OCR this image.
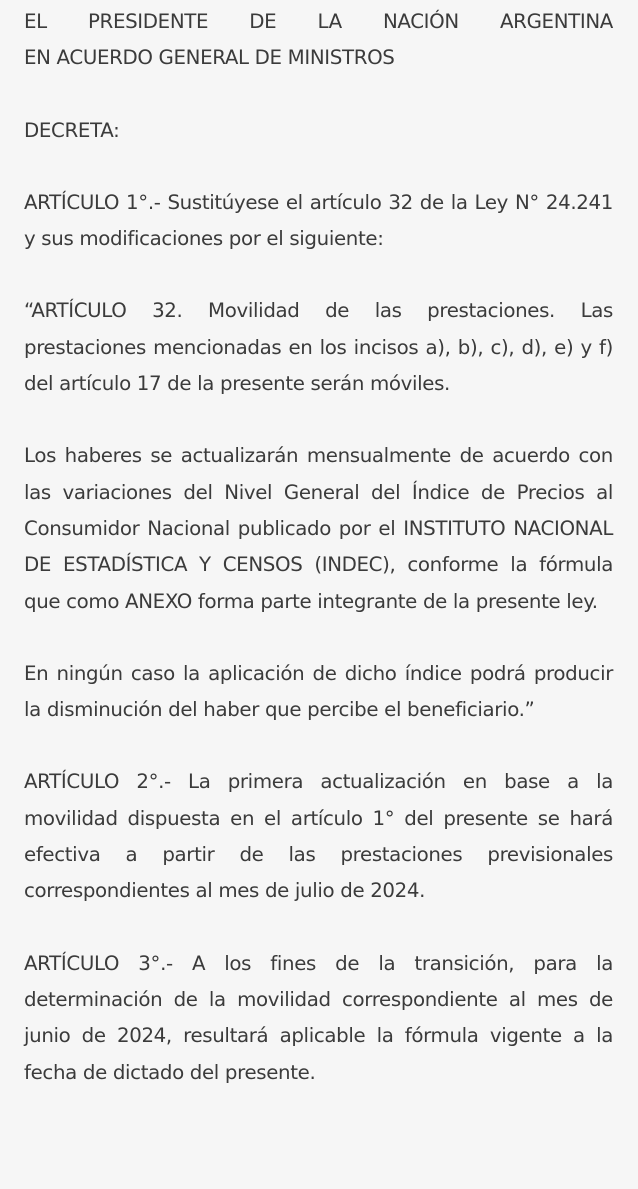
EL PRESIDENTE DE LA NACIÓN ARGENTINA

EN ACUERDO GENERAL DE MINISTROS

DECRETA:

ARTÍCULO 1°.- Sustitúyese el artículo 32 de la Ley N° 24.241 y sus modificaciones por el siguiente:

“ARTÍCULO 32. Movilidad de las prestaciones. Las prestaciones mencionadas en los incisos a), b), c), d), e) y f) del artículo 17 de la presente serán móviles.

Los haberes se actualizarán mensualmente de acuerdo con las variaciones del Nivel General del Índice de Precios al Consumidor Nacional publicado por el INSTITUTO NACIONAL DE ESTADÍSTICA Y CENSOS (INDEC), conforme la fórmula que como ANEXO forma parte integrante de la presente ley.

En ningún caso la aplicación de dicho índice podrá producir la disminución del haber que percibe el beneficiario.”

ARTÍCULO 2°.- La primera actualización en base a la movilidad dispuesta en el artículo 1° del presente se hará efectiva a partir de las prestaciones previsionales correspondientes al mes de julio de 2024.

ARTÍCULO 3°.- A los fines de la transición, para la determinación de la movilidad correspondiente al mes de junio de 2024, resultará aplicable la fórmula vigente a la fecha de dictado del presente.
